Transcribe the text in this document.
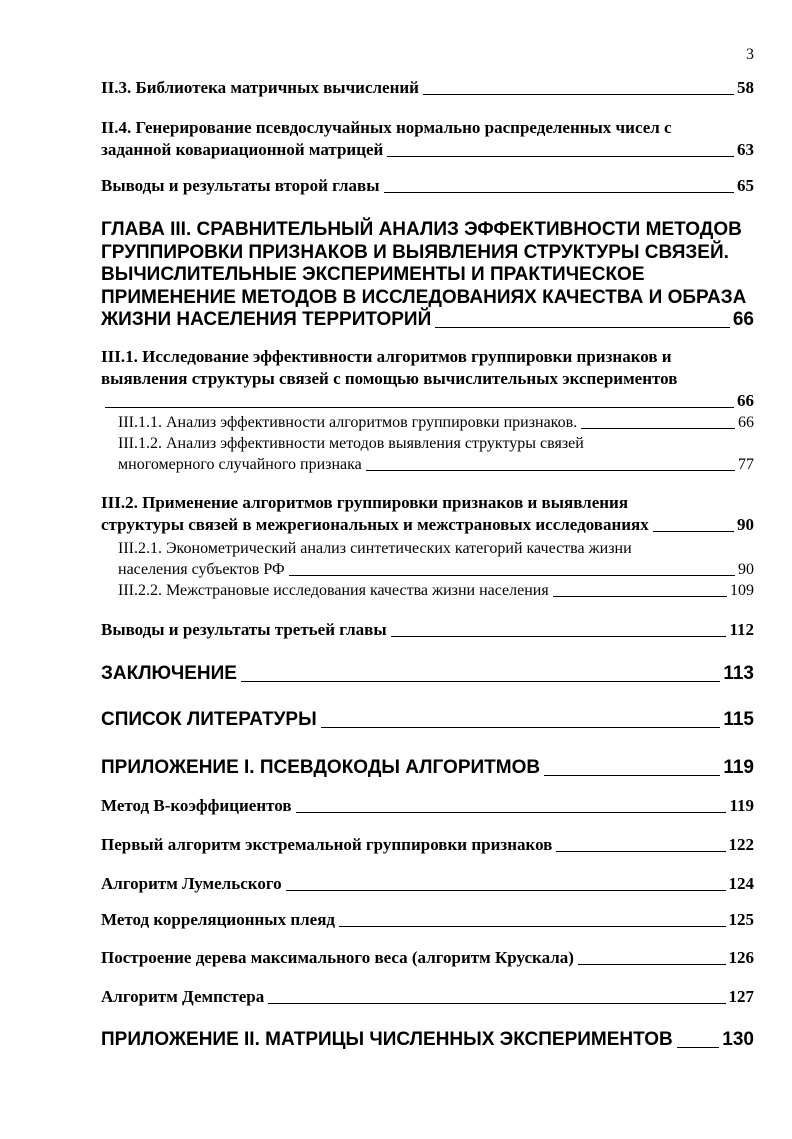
3
II.3. Библиотека матричных вычислений	58
II.4. Генерирование псевдослучайных нормально распределенных чисел с
заданной ковариационной матрицей	63
Выводы и результаты второй главы	65
ГЛАВА III. СРАВНИТЕЛЬНЫЙ АНАЛИЗ ЭФФЕКТИВНОСТИ МЕТОДОВ
ГРУППИРОВКИ ПРИЗНАКОВ И ВЫЯВЛЕНИЯ СТРУКТУРЫ СВЯЗЕЙ.
ВЫЧИСЛИТЕЛЬНЫЕ ЭКСПЕРИМЕНТЫ И ПРАКТИЧЕСКОЕ
ПРИМЕНЕНИЕ МЕТОДОВ В ИССЛЕДОВАНИЯХ КАЧЕСТВА И ОБРАЗА
ЖИЗНИ НАСЕЛЕНИЯ ТЕРРИТОРИЙ	66
III.1. Исследование эффективности алгоритмов группировки признаков и
выявления структуры связей с помощью вычислительных экспериментов
66
III.1.1. Анализ эффективности алгоритмов группировки признаков.	66
III.1.2. Анализ эффективности методов выявления структуры связей
многомерного случайного признака	77
III.2. Применение алгоритмов группировки признаков и выявления
структуры связей в межрегиональных и межстрановых исследованиях	90
III.2.1. Эконометрический анализ синтетических категорий качества жизни
населения субъектов РФ	90
III.2.2. Межстрановые исследования качества жизни населения	109
Выводы и результаты третьей главы	112
ЗАКЛЮЧЕНИЕ	113
СПИСОК ЛИТЕРАТУРЫ	115
ПРИЛОЖЕНИЕ I. ПСЕВДОКОДЫ АЛГОРИТМОВ	119
Метод В-коэффициентов	119
Первый алгоритм экстремальной группировки признаков	122
Алгоритм Лумельского	124
Метод корреляционных плеяд	125
Построение дерева максимального веса (алгоритм Крускала)	126
Алгоритм Демпстера	127
ПРИЛОЖЕНИЕ II. МАТРИЦЫ ЧИСЛЕННЫХ ЭКСПЕРИМЕНТОВ	130
